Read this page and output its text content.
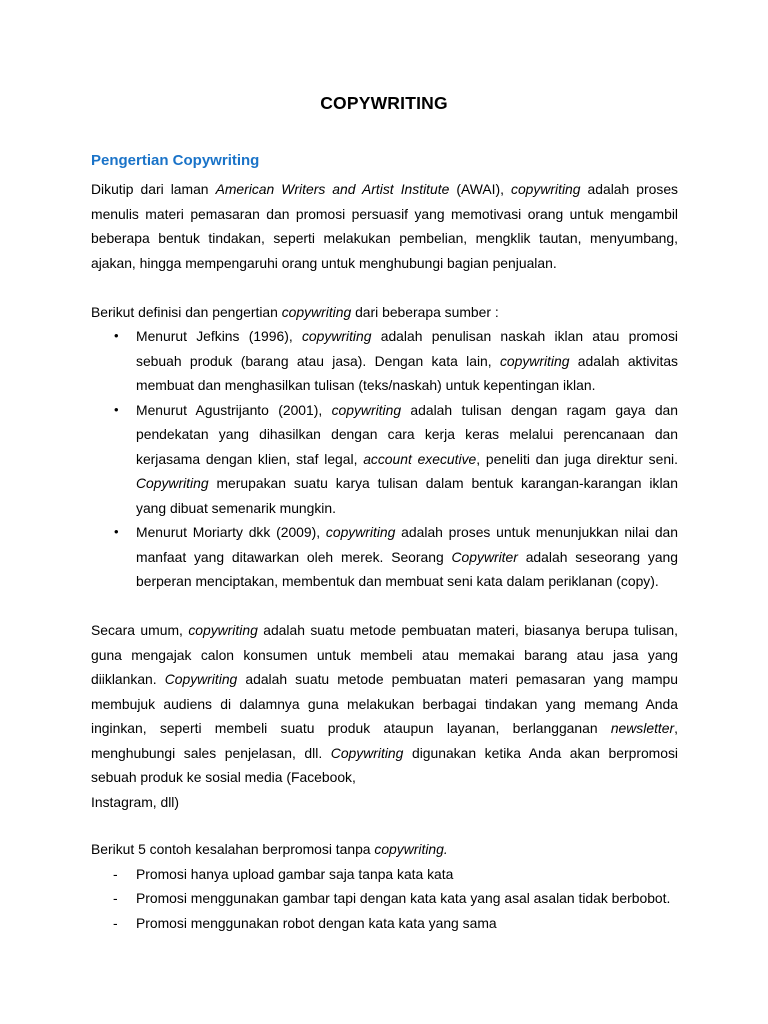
COPYWRITING
Pengertian Copywriting

Dikutip dari laman American Writers and Artist Institute (AWAI), copywriting adalah proses menulis materi pemasaran dan promosi persuasif yang memotivasi orang untuk mengambil beberapa bentuk tindakan, seperti melakukan pembelian, mengklik tautan, menyumbang, ajakan, hingga mempengaruhi orang untuk menghubungi bagian penjualan.

Berikut definisi dan pengertian copywriting dari beberapa sumber :

• Menurut Jefkins (1996), copywriting adalah penulisan naskah iklan atau promosi sebuah produk (barang atau jasa). Dengan kata lain, copywriting adalah aktivitas membuat dan menghasilkan tulisan (teks/naskah) untuk kepentingan iklan.
• Menurut Agustrijanto (2001), copywriting adalah tulisan dengan ragam gaya dan pendekatan yang dihasilkan dengan cara kerja keras melalui perencanaan dan kerjasama dengan klien, staf legal, account executive, peneliti dan juga direktur seni. Copywriting merupakan suatu karya tulisan dalam bentuk karangan-karangan iklan yang dibuat semenarik mungkin.
• Menurut Moriarty dkk (2009), copywriting adalah proses untuk menunjukkan nilai dan manfaat yang ditawarkan oleh merek. Seorang Copywriter adalah seseorang yang berperan menciptakan, membentuk dan membuat seni kata dalam periklanan (copy).

Secara umum, copywriting adalah suatu metode pembuatan materi, biasanya berupa tulisan, guna mengajak calon konsumen untuk membeli atau memakai barang atau jasa yang diiklankan. Copywriting adalah suatu metode pembuatan materi pemasaran yang mampu membujuk audiens di dalamnya guna melakukan berbagai tindakan yang memang Anda inginkan, seperti membeli suatu produk ataupun layanan, berlangganan newsletter, menghubungi sales penjelasan, dll. Copywriting digunakan ketika Anda akan berpromosi sebuah produk ke sosial media (Facebook,
Instagram, dll)

Berikut 5 contoh kesalahan berpromosi tanpa copywriting.

- Promosi hanya upload gambar saja tanpa kata kata
- Promosi menggunakan gambar tapi dengan kata kata yang asal asalan tidak berbobot.
- Promosi menggunakan robot dengan kata kata yang sama
